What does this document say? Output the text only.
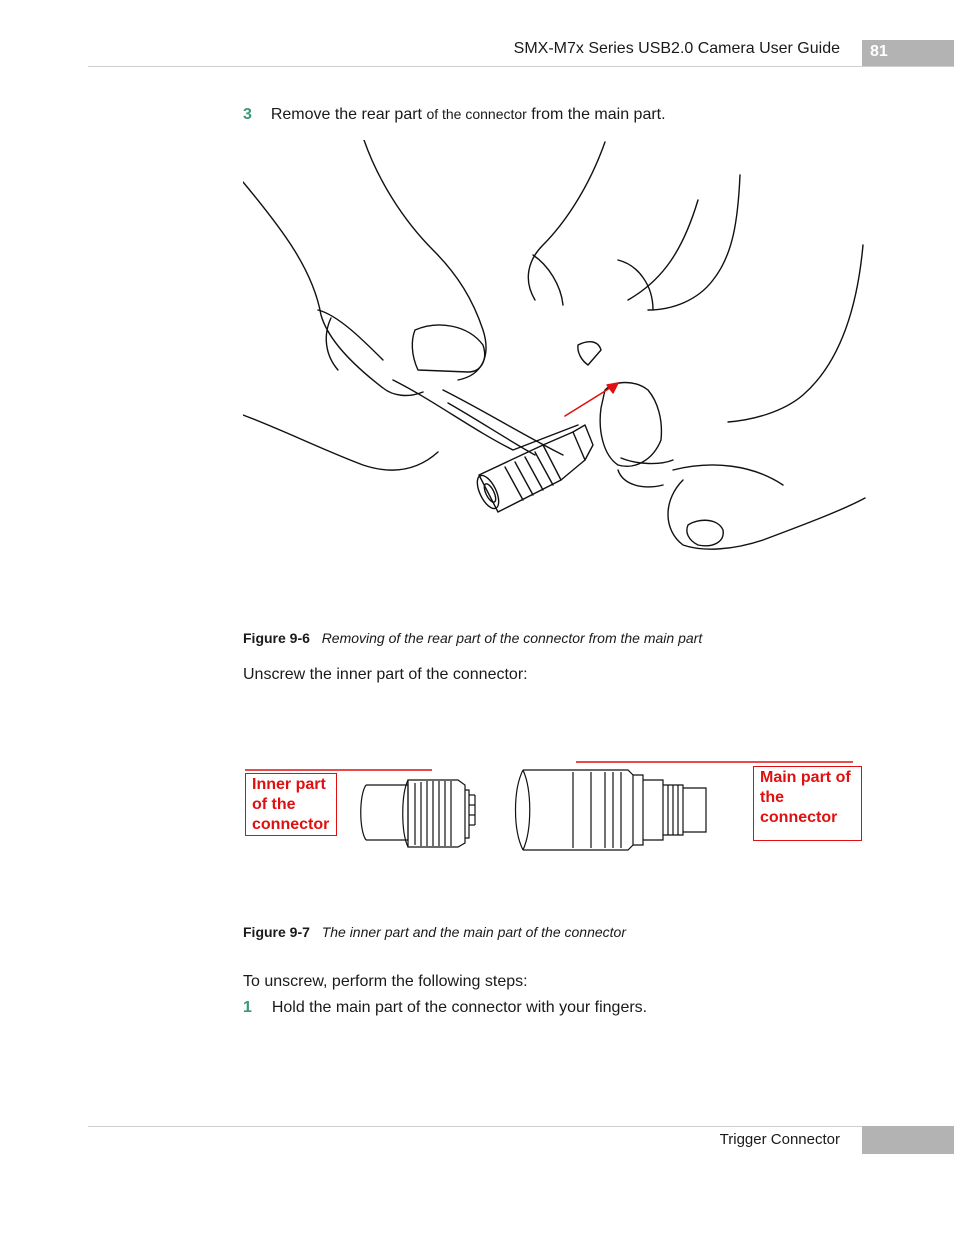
SMX-M7x Series USB2.0 Camera User Guide 81
3 Remove the rear part of the connector from the main part.
Figure 9-6 Removing of the rear part of the connector from the main part
Unscrew the inner part of the connector:
Inner part
of the
connector
Main part of
the
connector
Figure 9-7 The inner part and the main part of the connector
To unscrew, perform the following steps:
1 Hold the main part of the connector with your fingers.
Trigger Connector
